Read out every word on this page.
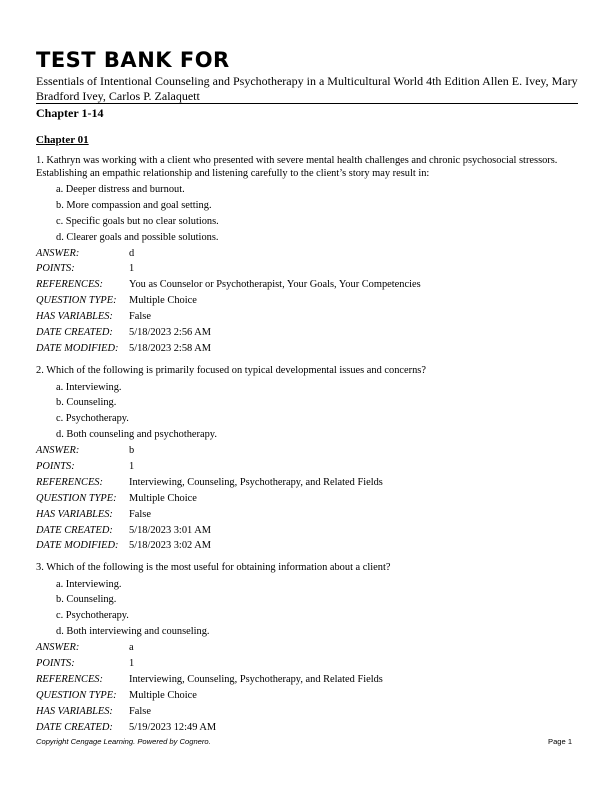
TEST BANK FOR

Essentials of Intentional Counseling and Psychotherapy in a Multicultural World 4th Edition Allen E. Ivey, Mary Bradford Ivey, Carlos P. Zalaquett

Chapter 1-14
Chapter 01

1. Kathryn was working with a client who presented with severe mental health challenges and chronic psychosocial stressors. Establishing an empathic relationship and listening carefully to the client’s story may result in:

a. Deeper distress and burnout.
b. More compassion and goal setting.
c. Specific goals but no clear solutions.
d. Clearer goals and possible solutions.
ANSWER:	d
POINTS:	1
REFERENCES:	You as Counselor or Psychotherapist, Your Goals, Your Competencies
QUESTION TYPE:	Multiple Choice
HAS VARIABLES:	False
DATE CREATED:	5/18/2023 2:56 AM
DATE MODIFIED:	5/18/2023 2:58 AM

2. Which of the following is primarily focused on typical developmental issues and concerns?

a. Interviewing.
b. Counseling.
c. Psychotherapy.
d. Both counseling and psychotherapy.
ANSWER:	b
POINTS:	1
REFERENCES:	Interviewing, Counseling, Psychotherapy, and Related Fields
QUESTION TYPE:	Multiple Choice
HAS VARIABLES:	False
DATE CREATED:	5/18/2023 3:01 AM
DATE MODIFIED:	5/18/2023 3:02 AM

3. Which of the following is the most useful for obtaining information about a client?

a. Interviewing.
b. Counseling.
c. Psychotherapy.
d. Both interviewing and counseling.
ANSWER:	a
POINTS:	1
REFERENCES:	Interviewing, Counseling, Psychotherapy, and Related Fields
QUESTION TYPE:	Multiple Choice
HAS VARIABLES:	False
DATE CREATED:	5/19/2023 12:49 AM
Copyright Cengage Learning. Powered by Cognero.	Page 1
